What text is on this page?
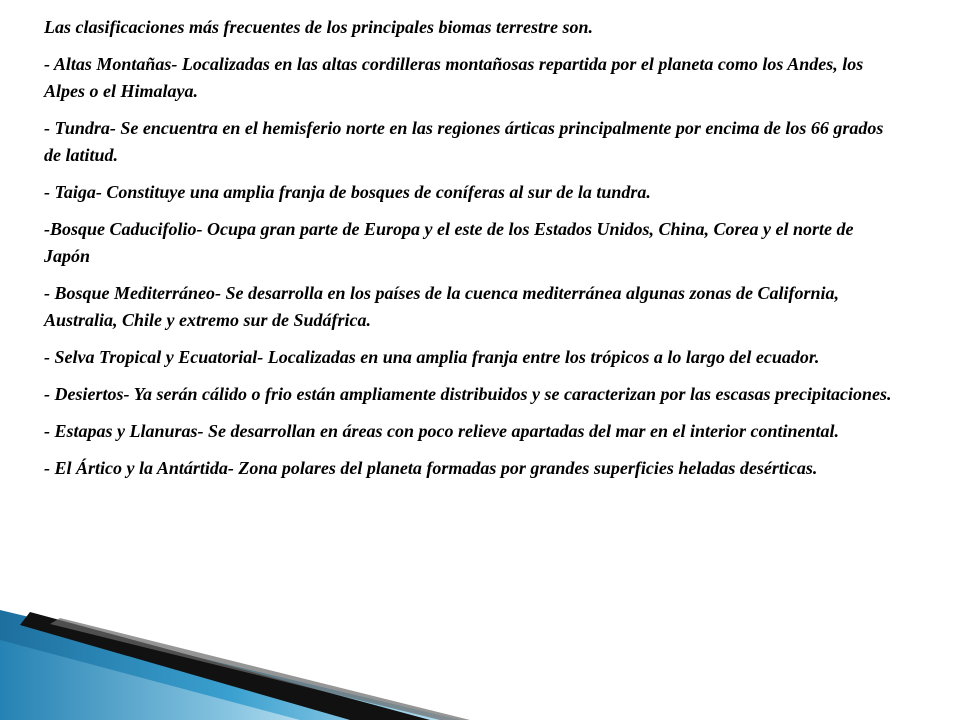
Las clasificaciones más frecuentes de los principales biomas terrestre son.

- Altas Montañas- Localizadas en las altas cordilleras montañosas repartida por el planeta como los Andes, los Alpes o el Himalaya.

- Tundra- Se encuentra en el hemisferio norte en las regiones árticas principalmente por encima de los 66 grados de latitud.

- Taiga- Constituye una amplia franja de bosques de coníferas al sur de la tundra.

-Bosque Caducifolio- Ocupa gran parte de Europa y el este de los Estados Unidos, China, Corea y el norte de Japón

- Bosque Mediterráneo- Se desarrolla en los países de la cuenca mediterránea algunas zonas de California, Australia, Chile y extremo sur de Sudáfrica.

- Selva Tropical y Ecuatorial- Localizadas en una amplia franja entre los trópicos a lo largo del ecuador.

- Desiertos- Ya serán cálido o frio están ampliamente distribuidos y se caracterizan por las escasas precipitaciones.

- Estapas y Llanuras- Se desarrollan en áreas con poco relieve apartadas del mar en el interior continental.

- El Ártico y la Antártida- Zona polares del planeta formadas por grandes superficies heladas desérticas.
